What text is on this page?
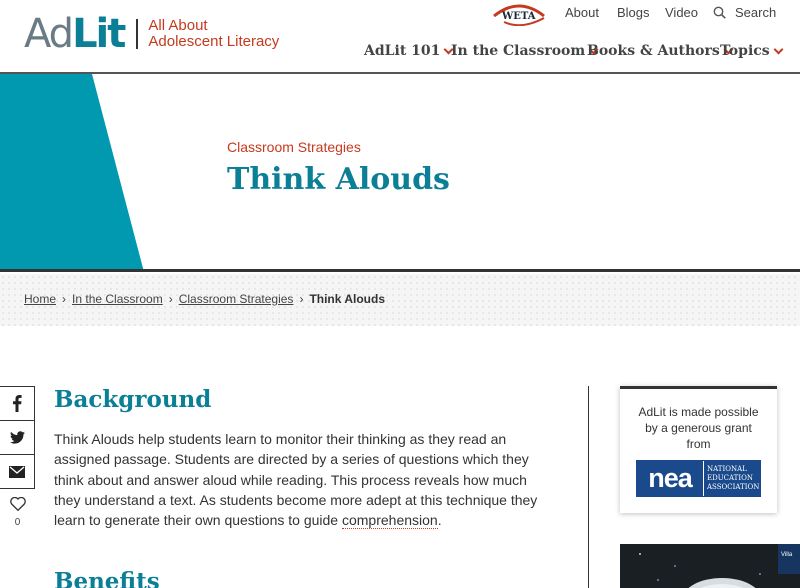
Ad Lit All About
Adolescent Literacy
WETA About Blogs Video	Search
AdLit 101 In the Classroom Books & Authors Topics
Classroom Strategies
Think Alouds
Home › In the Classroom › Classroom Strategies › Think Alouds
0
Background

Think Alouds help students learn to monitor their thinking as they read an assigned passage. Students are directed by a series of questions which they think about and answer aloud while reading. This process reveals how much they understand a text. As students become more adept at this technique they learn to generate their own questions to guide comprehension.

Benefits
AdLit is made possible by a generous grant from
nea	NATIONAL
EDUCATION
ASSOCIATION
Villa
